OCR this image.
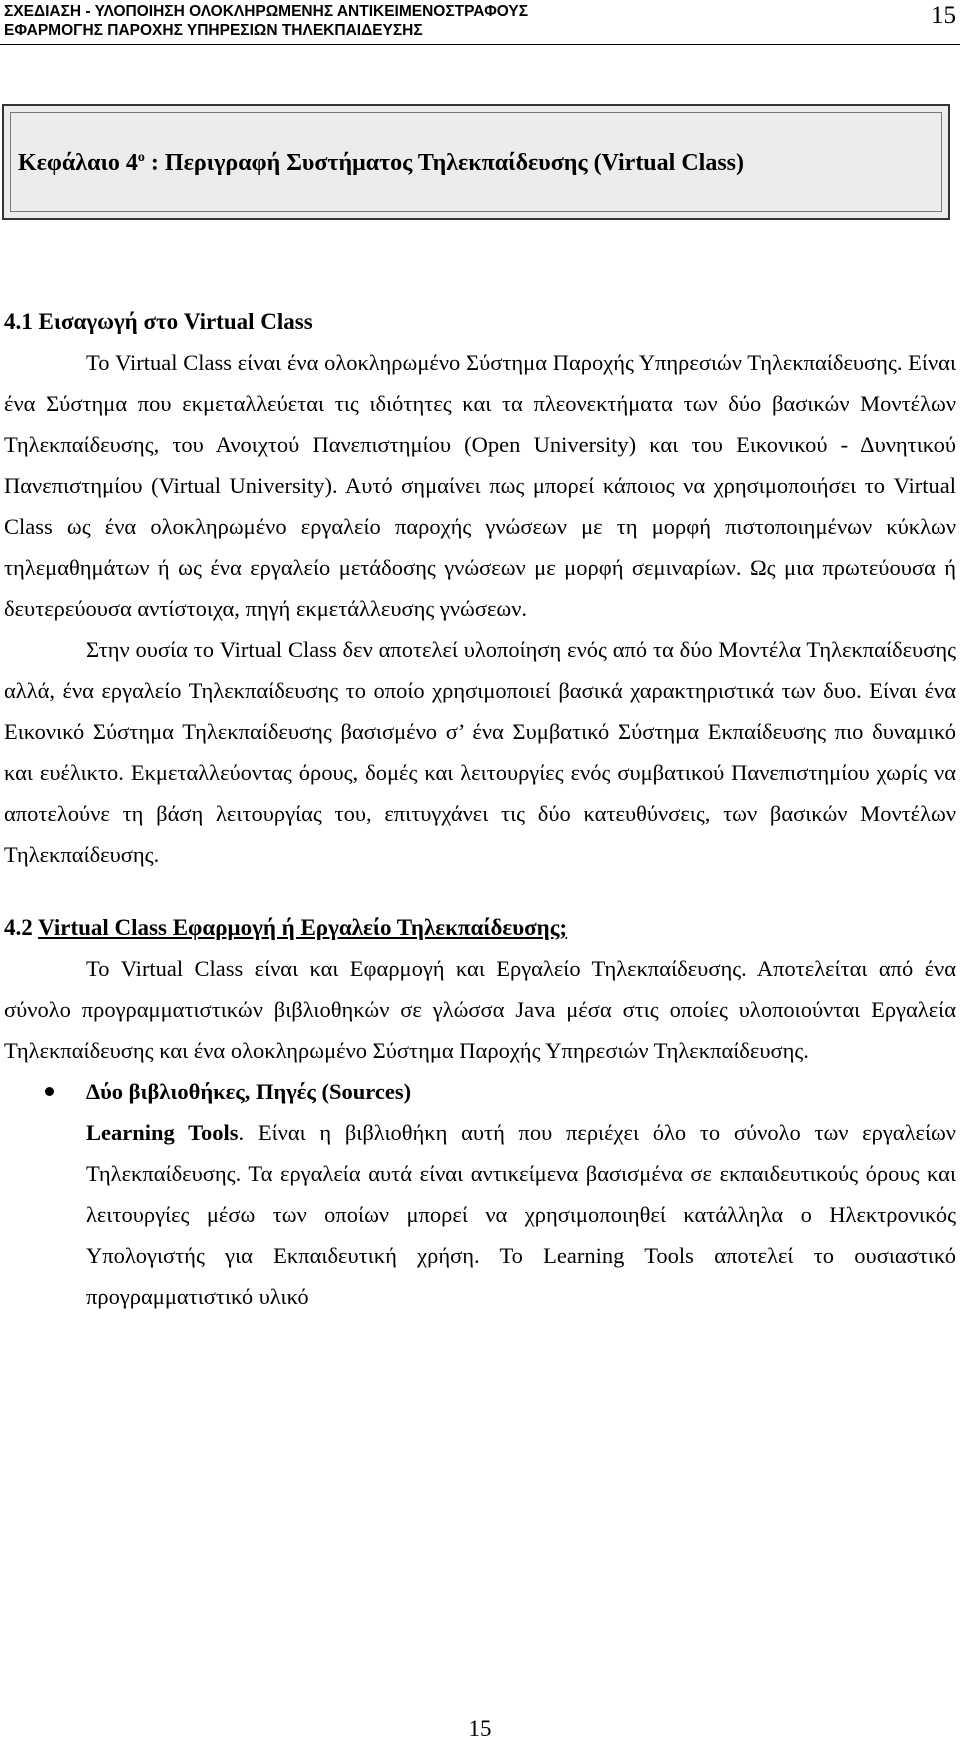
ΣΧΕΔΙΑΣΗ - ΥΛΟΠΟΙΗΣΗ ΟΛΟΚΛΗΡΩΜΕΝΗΣ ΑΝΤΙΚΕΙΜΕΝΟΣΤΡΑΦΟΥΣ
ΕΦΑΡΜΟΓΗΣ ΠΑΡΟΧΗΣ ΥΠΗΡΕΣΙΩΝ ΤΗΛΕΚΠΑΙΔΕΥΣΗΣ
15
Κεφάλαιο $4^o$ : Περιγραφή Συστήματος Τηλεκπαίδευσης (Virtual Class)
4.1 Εισαγωγή στο Virtual Class

Το Virtual Class είναι ένα ολοκληρωμένο Σύστημα Παροχής Υπηρεσιών Τηλεκπαίδευσης. Είναι ένα Σύστημα που εκμεταλλεύεται τις ιδιότητες και τα πλεονεκτήματα των δύο βασικών Μοντέλων Τηλεκπαίδευσης, του Ανοιχτού Πανεπιστημίου (Open University) και του Εικονικού - Δυνητικού Πανεπιστημίου (Virtual University). Αυτό σημαίνει πως μπορεί κάποιος να χρησιμοποιήσει το Virtual Class ως ένα ολοκληρωμένο εργαλείο παροχής γνώσεων με τη μορφή πιστοποιημένων κύκλων τηλεμαθημάτων ή ως ένα εργαλείο μετάδοσης γνώσεων με μορφή σεμιναρίων. Ως μια πρωτεύουσα ή δευτερεύουσα αντίστοιχα, πηγή εκμετάλλευσης γνώσεων.

Στην ουσία το Virtual Class δεν αποτελεί υλοποίηση ενός από τα δύο Μοντέλα Τηλεκπαίδευσης αλλά, ένα εργαλείο Τηλεκπαίδευσης το οποίο χρησιμοποιεί βασικά χαρακτηριστικά των δυο. Είναι ένα Εικονικό Σύστημα Τηλεκπαίδευσης βασισμένο σ’ ένα Συμβατικό Σύστημα Εκπαίδευσης πιο δυναμικό και ευέλικτο. Εκμεταλλεύοντας όρους, δομές και λειτουργίες ενός συμβατικού Πανεπιστημίου χωρίς να αποτελούνε τη βάση λειτουργίας του, επιτυγχάνει τις δύο κατευθύνσεις, των βασικών Μοντέλων Τηλεκπαίδευσης.

4.2 Virtual Class Εφαρμογή ή Εργαλείο Τηλεκπαίδευσης;

Το Virtual Class είναι και Εφαρμογή και Εργαλείο Τηλεκπαίδευσης. Αποτελείται από ένα σύνολο προγραμματιστικών βιβλιοθηκών σε γλώσσα Java μέσα στις οποίες υλοποιούνται Εργαλεία Τηλεκπαίδευσης και ένα ολοκληρωμένο Σύστημα Παροχής Υπηρεσιών Τηλεκπαίδευσης.

Δύο βιβλιοθήκες, Πηγές (Sources)

Learning Tools. Είναι η βιβλιοθήκη αυτή που περιέχει όλο το σύνολο των εργαλείων Τηλεκπαίδευσης. Τα εργαλεία αυτά είναι αντικείμενα βασισμένα σε εκπαιδευτικούς όρους και λειτουργίες μέσω των οποίων μπορεί να χρησιμοποιηθεί κατάλληλα ο Ηλεκτρονικός Υπολογιστής για Εκπαιδευτική χρήση. Το Learning Tools αποτελεί το ουσιαστικό προγραμματιστικό υλικό

15
